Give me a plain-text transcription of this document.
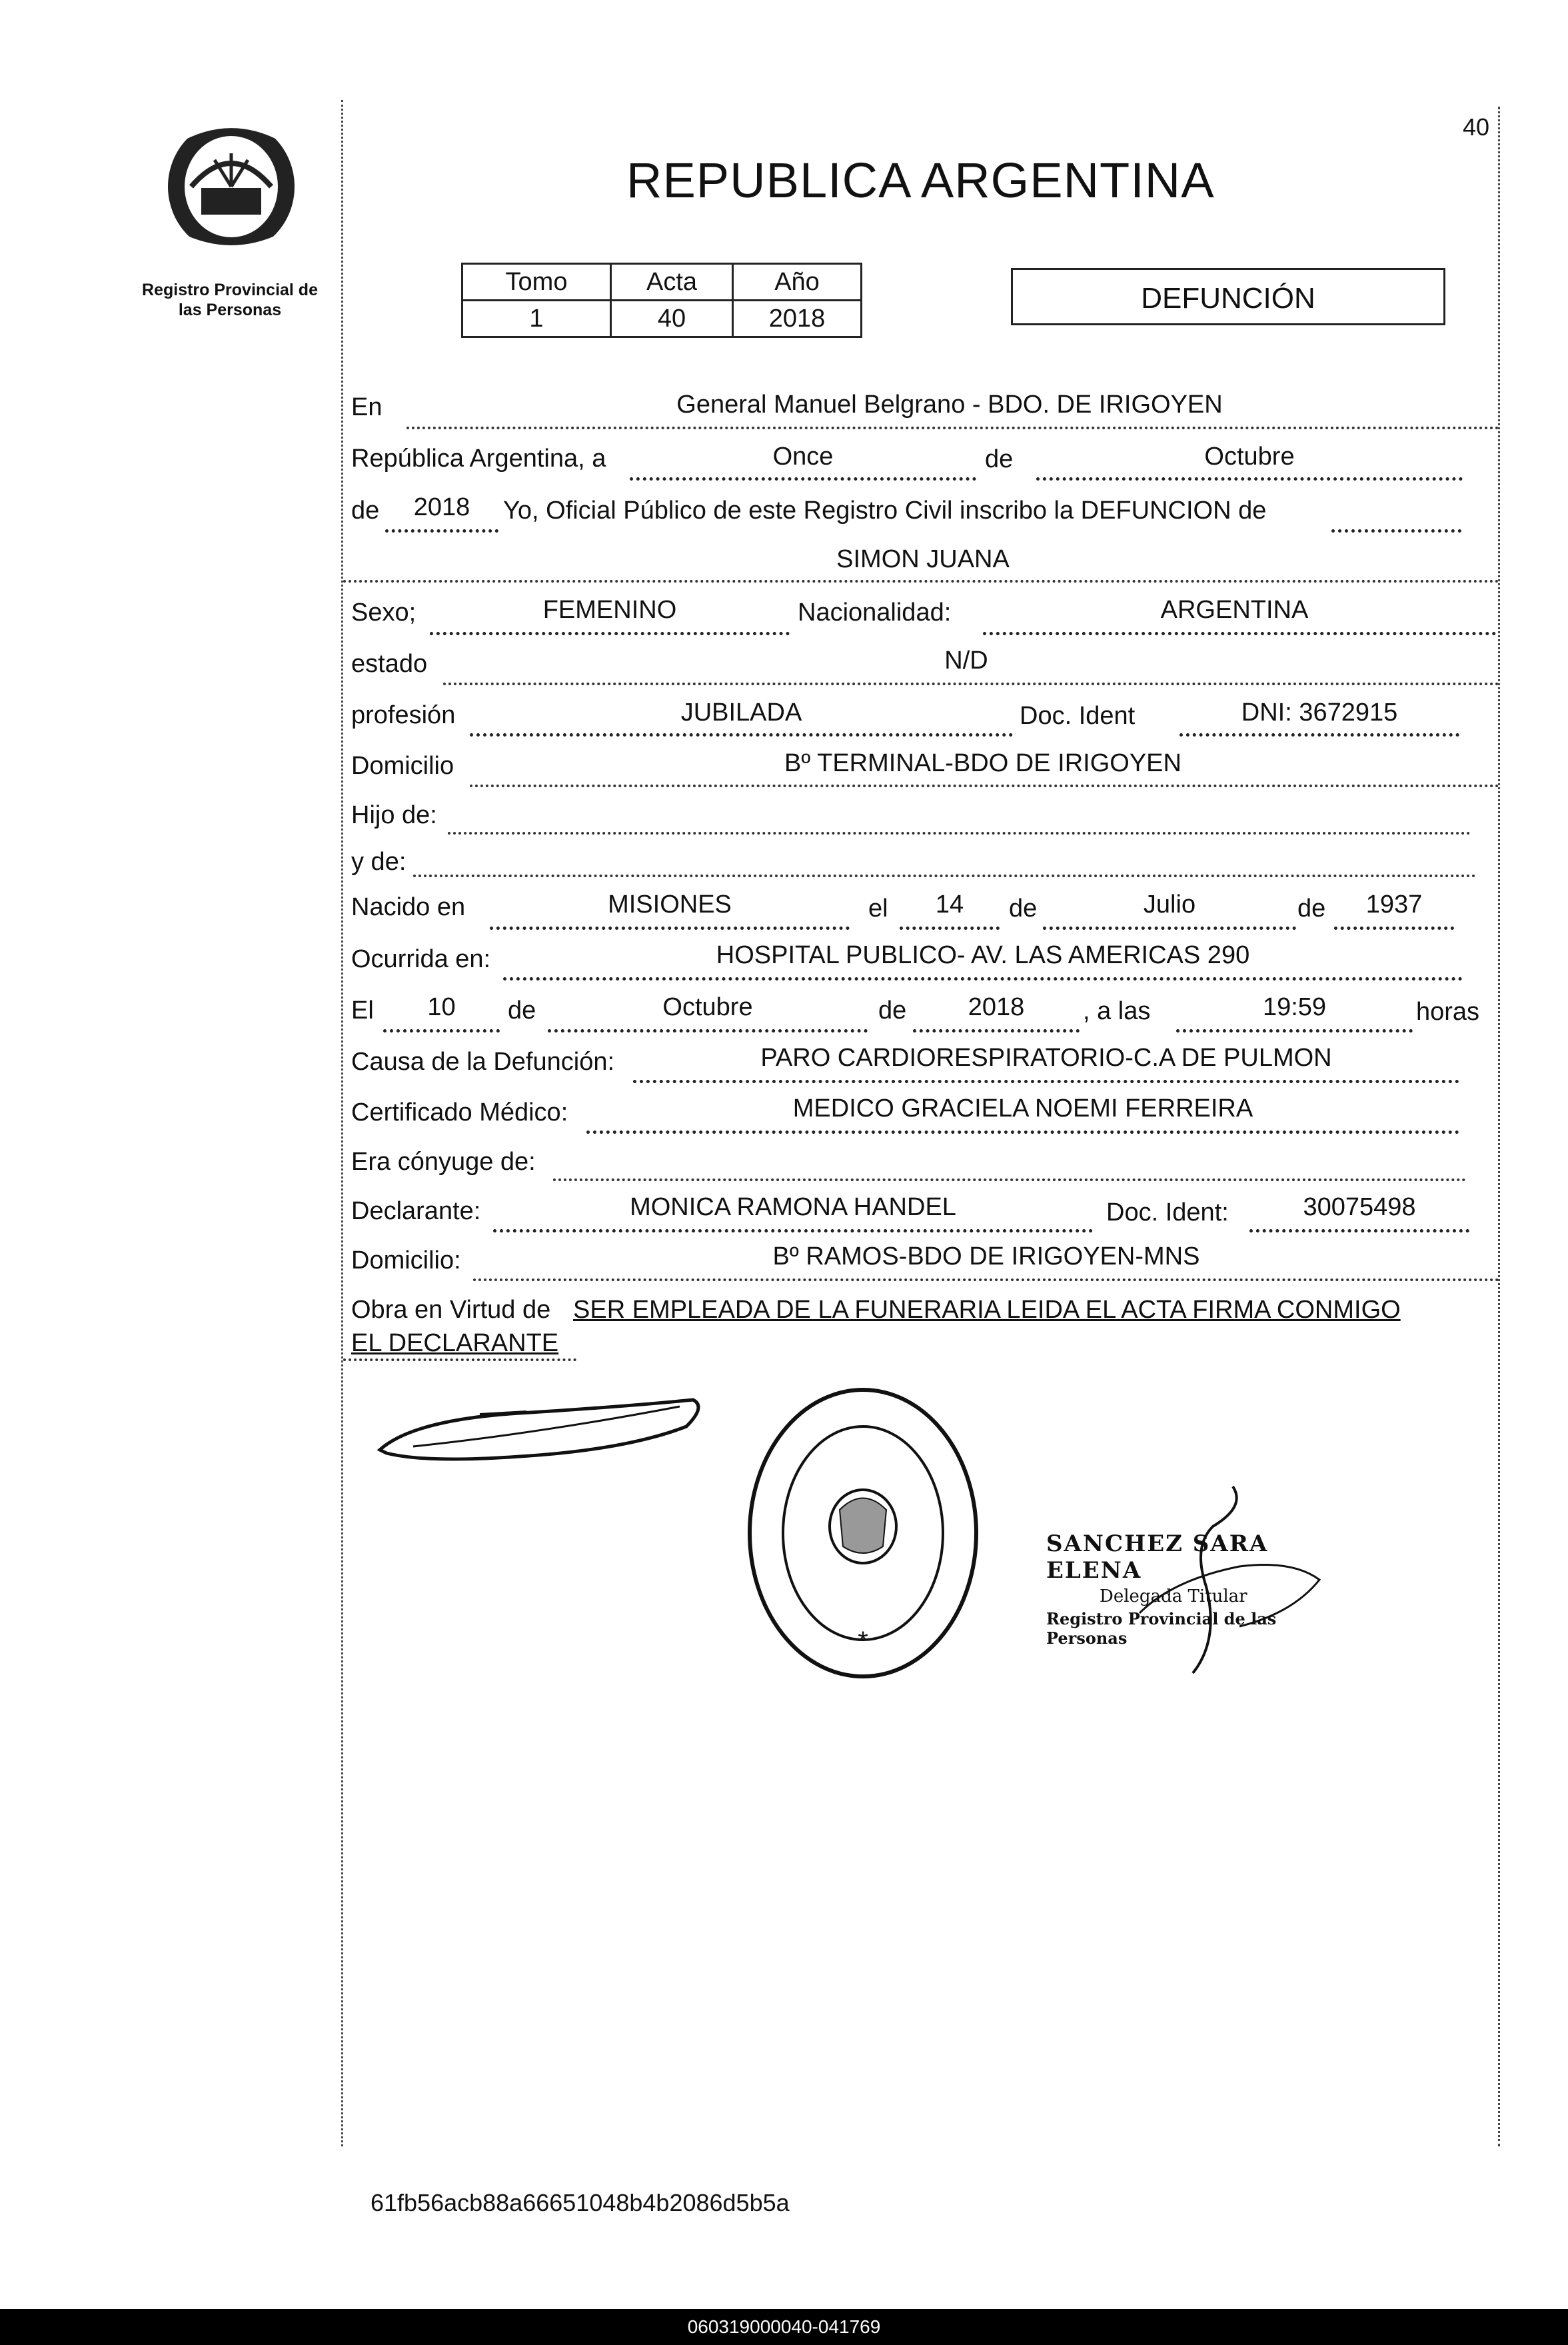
40
Registro Provincial de
las Personas
REPUBLICA ARGENTINA
Tomo	Acta	Año
1	40	2018
DEFUNCIÓN
En	General Manuel Belgrano - BDO. DE IRIGOYEN
República Argentina, a	Once	de	Octubre
de	2018	Yo, Oficial Público de este Registro Civil inscribo la DEFUNCION de
SIMON JUANA
Sexo;	FEMENINO	Nacionalidad:	ARGENTINA
estado	N/D
profesión	JUBILADA	Doc. Ident	DNI: 3672915
Domicilio	Bº TERMINAL-BDO DE IRIGOYEN
Hijo de:
y de:
Nacido en	MISIONES	el	14	de	Julio	de	1937
Ocurrida en:	HOSPITAL PUBLICO- AV. LAS AMERICAS 290
El	10	de	Octubre	de	2018	, a las	19:59	horas
Causa de la Defunción:	PARO CARDIORESPIRATORIO-C.A DE PULMON
Certificado Médico:	MEDICO GRACIELA NOEMI FERREIRA
Era cónyuge de:
Declarante:	MONICA RAMONA HANDEL	Doc. Ident:	30075498
Domicilio:	Bº RAMOS-BDO DE IRIGOYEN-MNS
Obra en Virtud de SER EMPLEADA DE LA FUNERARIA LEIDA EL ACTA FIRMA CONMIGO
EL DECLARANTE
*
SANCHEZ SARA ELENA
Delegada Titular
Registro Provincial de las Personas
61fb56acb88a66651048b4b2086d5b5a
060319000040-041769
